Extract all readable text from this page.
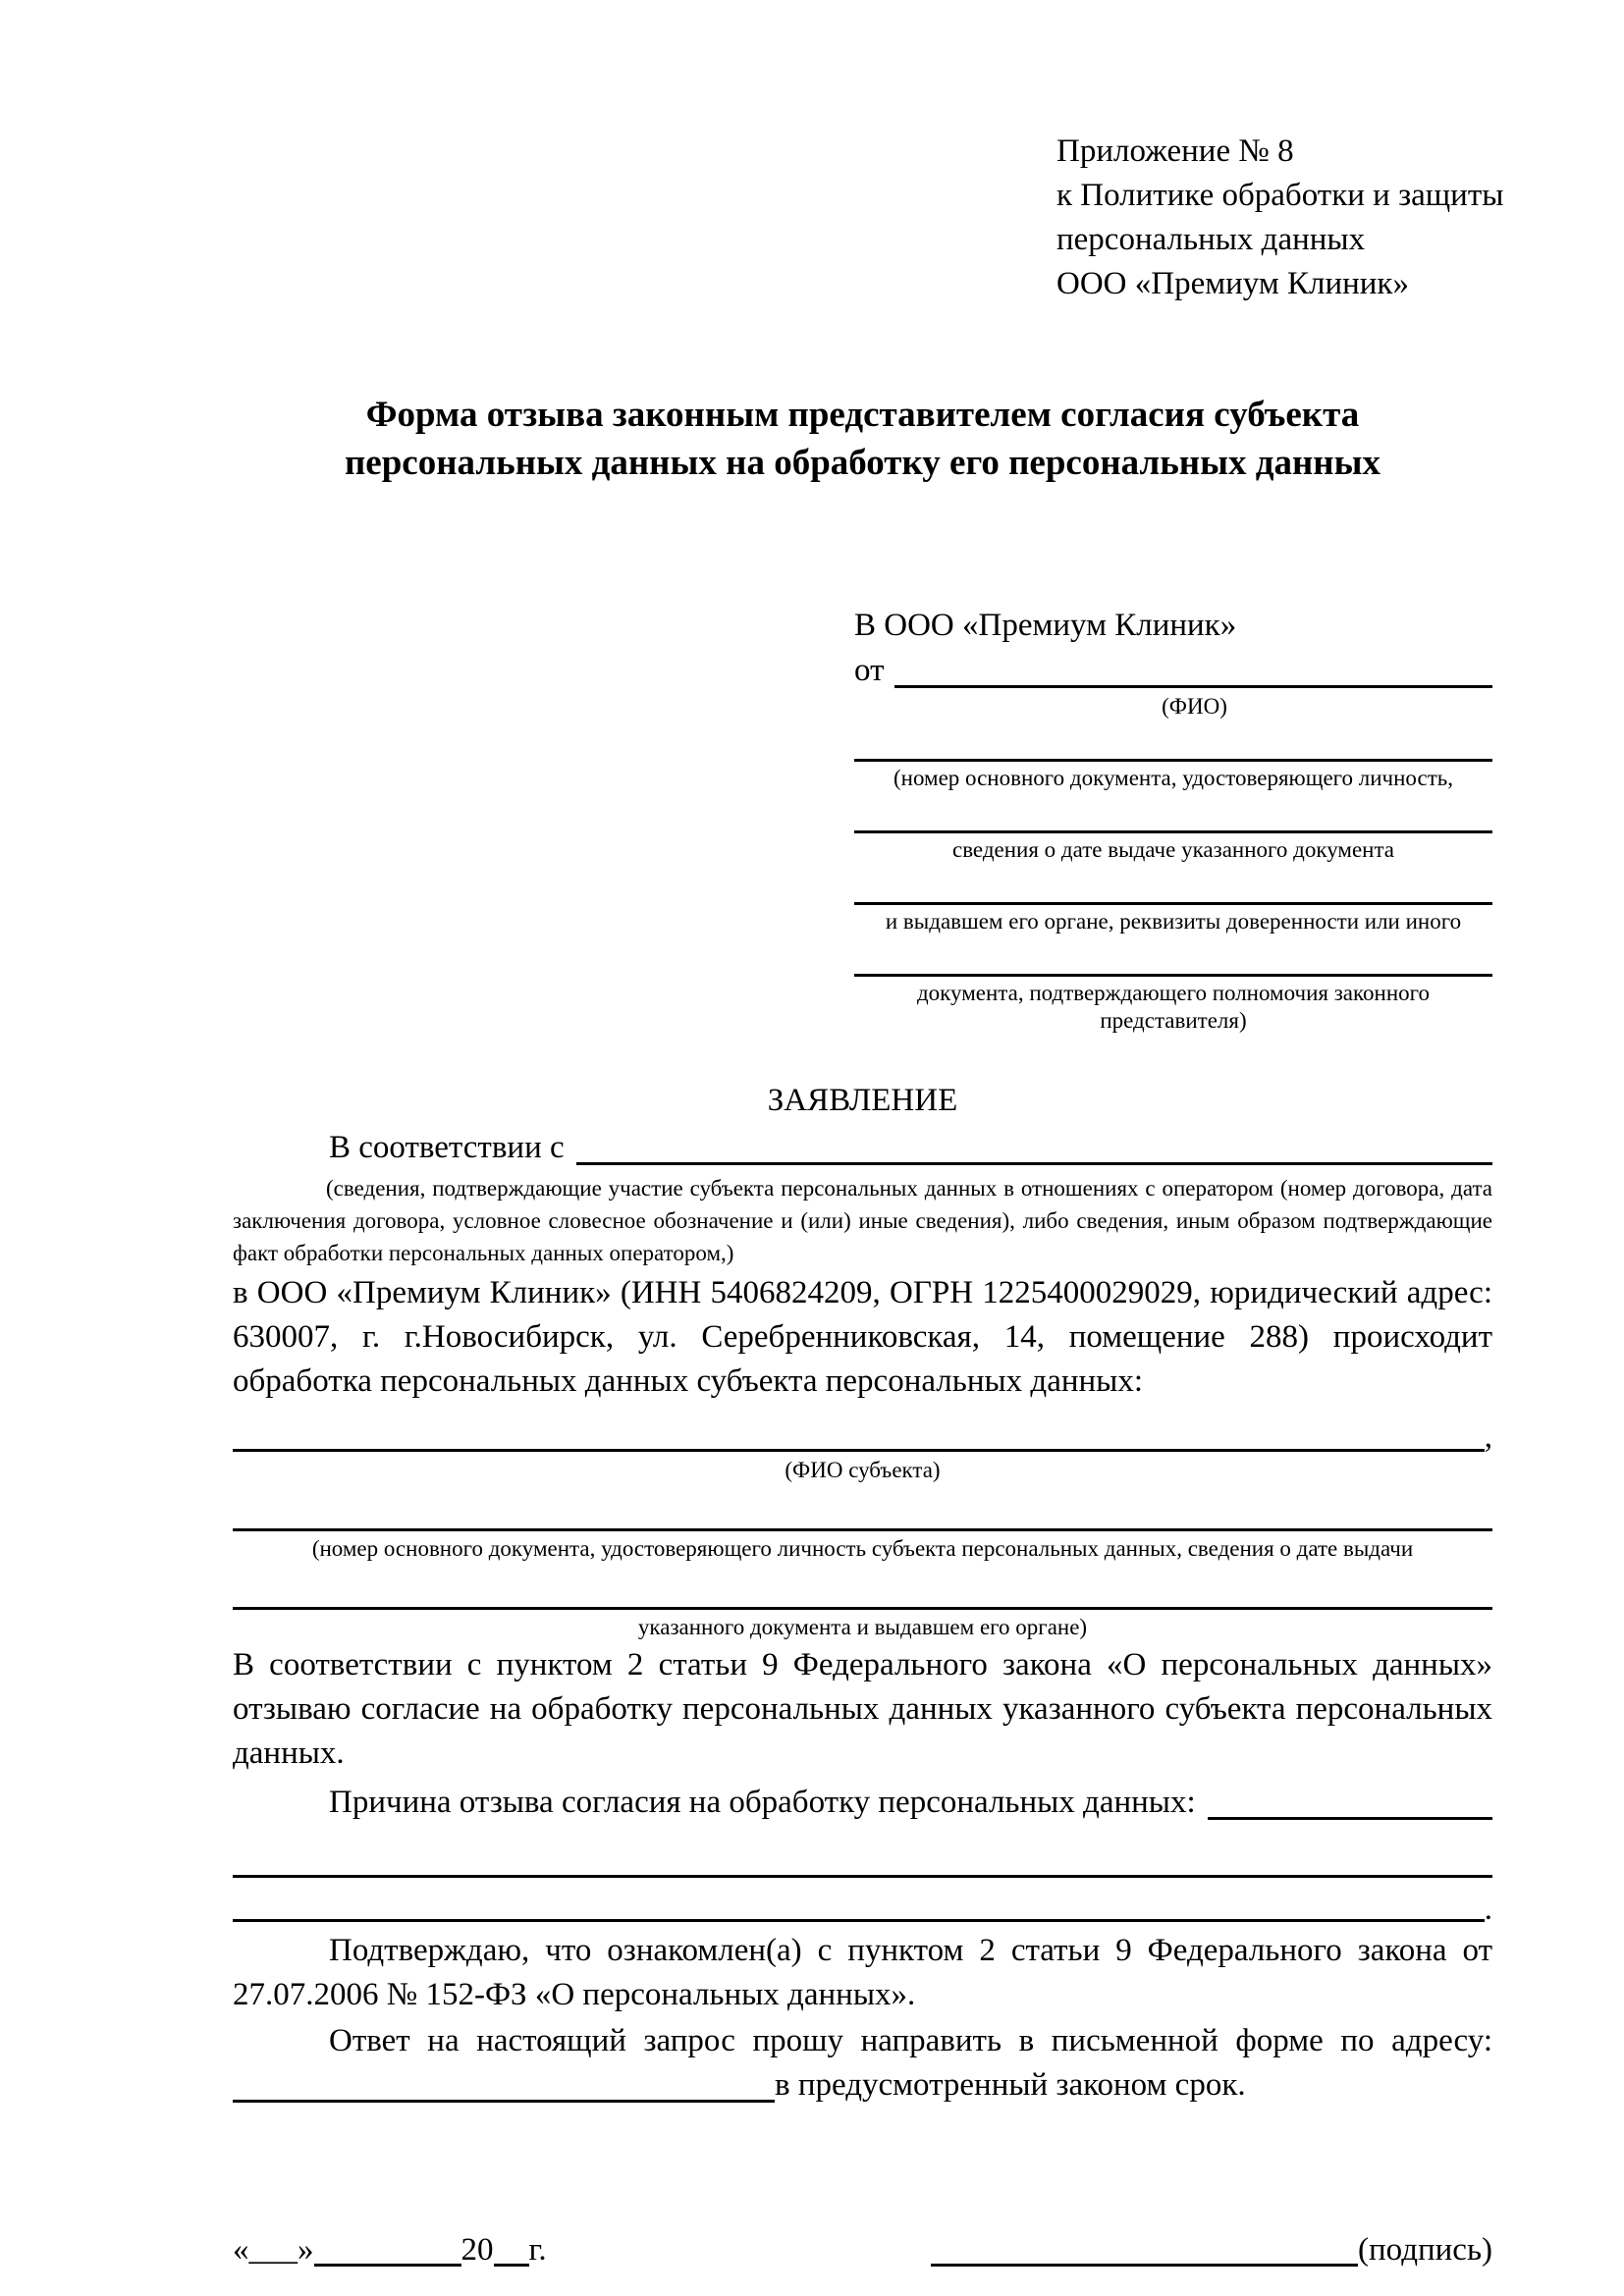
Приложение № 8
к Политике обработки и защиты
персональных данных
ООО «Премиум Клиник»
Форма отзыва законным представителем согласия субъекта
персональных данных на обработку его персональных данных
В ООО «Премиум Клиник»
от
(ФИО)
(номер основного документа, удостоверяющего личность,
сведения о дате выдаче указанного документа
и выдавшем его органе, реквизиты доверенности или иного
документа, подтверждающего полномочия законного представителя)
ЗАЯВЛЕНИЕ
В соответствии с
(сведения, подтверждающие участие субъекта персональных данных в отношениях с оператором (номер договора, дата заключения договора, условное словесное обозначение и (или) иные сведения), либо сведения, иным образом подтверждающие факт обработки персональных данных оператором,)
в ООО «Премиум Клиник» (ИНН 5406824209, ОГРН 1225400029029, юридический адрес: 630007, г. г.Новосибирск, ул. Серебренниковская, 14, помещение 288) происходит обработка персональных данных субъекта персональных данных:
,
(ФИО субъекта)
(номер основного документа, удостоверяющего личность субъекта персональных данных, сведения о дате выдачи
указанного документа и выдавшем его органе)
В соответствии с пунктом 2 статьи 9 Федерального закона «О персональных данных» отзываю согласие на обработку персональных данных указанного субъекта персональных данных.
Причина отзыва согласия на обработку персональных данных:
.
Подтверждаю, что ознакомлен(а) с пунктом 2 статьи 9 Федерального закона от 27.07.2006 № 152-ФЗ «О персональных данных».
Ответ на настоящий запрос прошу направить в письменной форме по адресу:
в предусмотренный законом срок.
«___»	20 г.	(подпись)
